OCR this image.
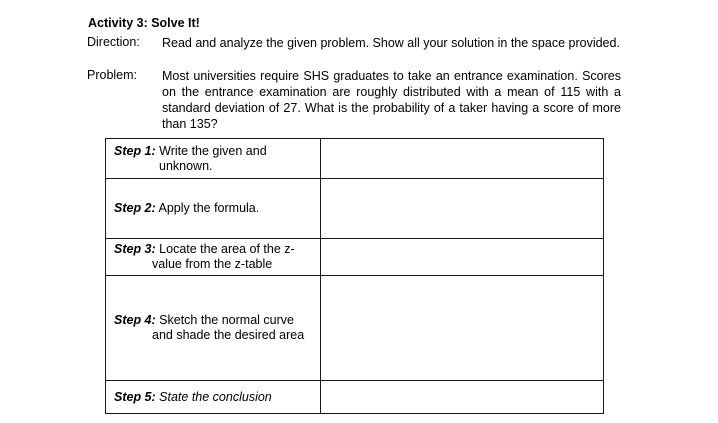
Activity 3: Solve It!
Direction: Read and analyze the given problem. Show all your solution in the space provided.
Problem: Most universities require SHS graduates to take an entrance examination. Scores on the entrance examination are roughly distributed with a mean of 115 with a standard deviation of 27. What is the probability of a taker having a score of more than 135?
Step 1: Write the given and
unknown.	

Step 2: Apply the formula.	

Step 3: Locate the area of the z-
value from the z-table	

Step 4: Sketch the normal curve
and shade the desired area	

Step 5: State the conclusion	
